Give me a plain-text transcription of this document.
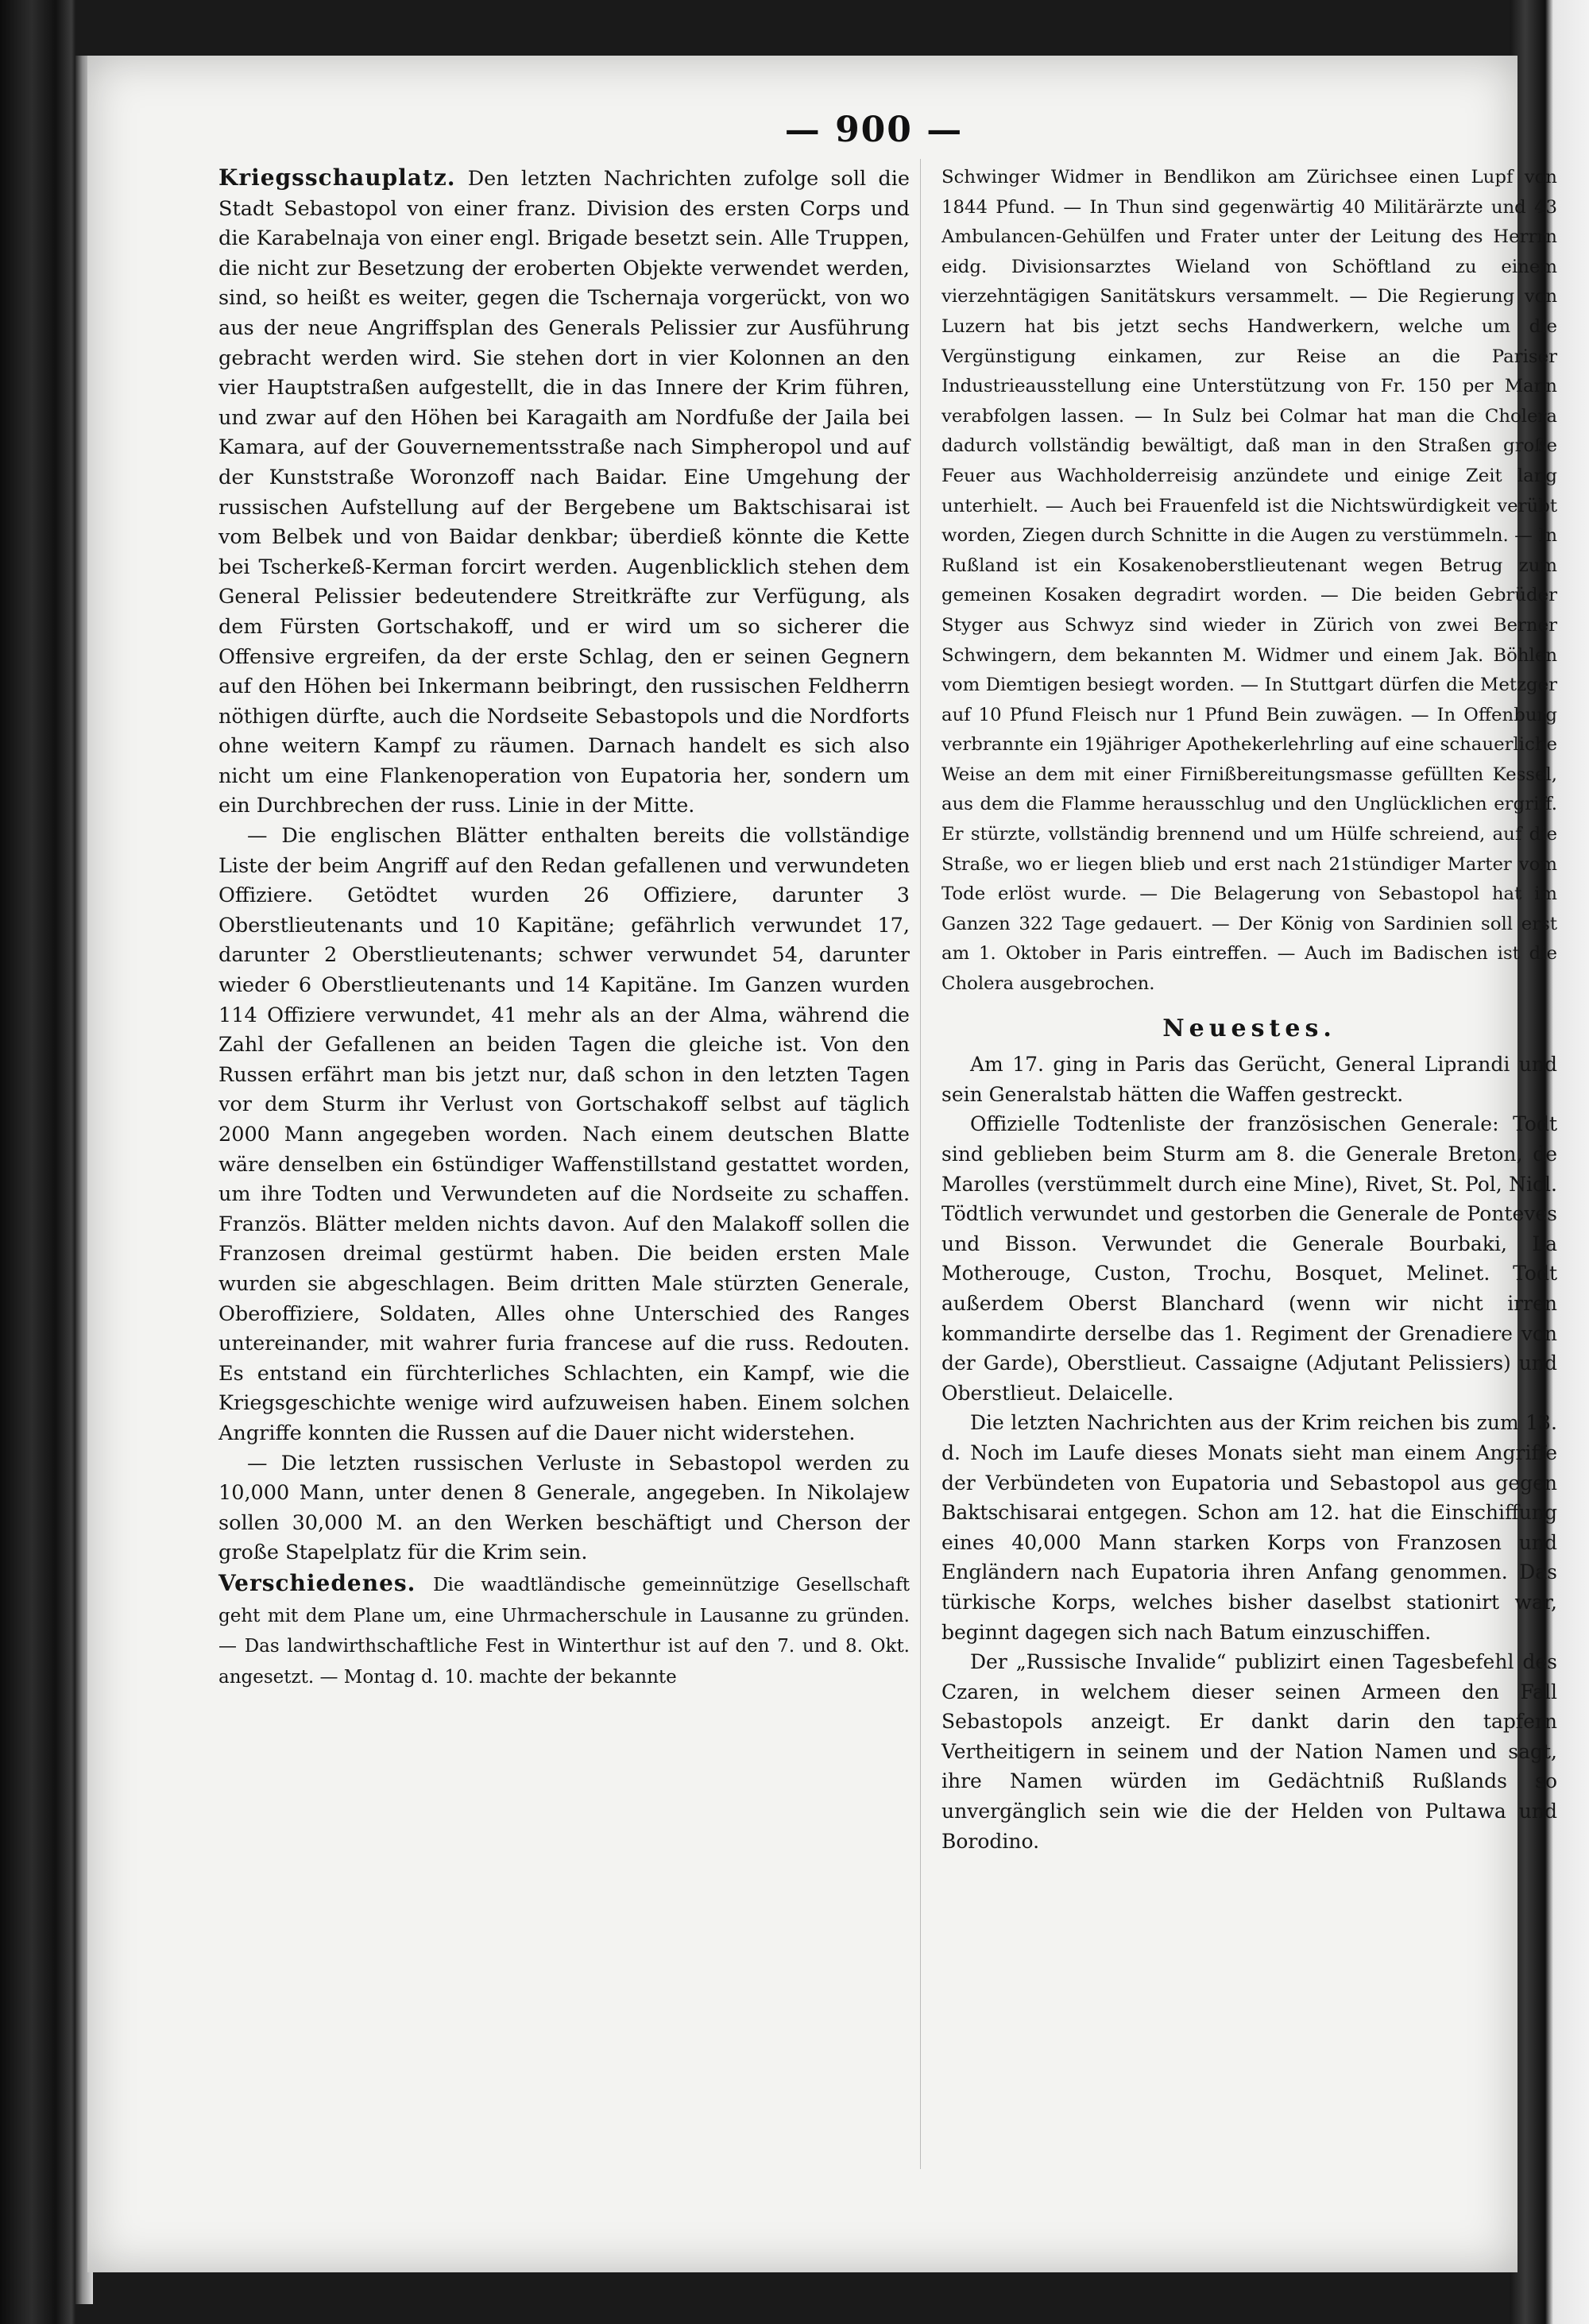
— 900 —

Kriegsschauplatz. Den letzten Nachrichten zufolge soll die Stadt Sebastopol von einer franz. Division des ersten Corps und die Karabelnaja von einer engl. Brigade besetzt sein. Alle Truppen, die nicht zur Besetzung der eroberten Objekte verwendet werden, sind, so heißt es weiter, gegen die Tschernaja vorgerückt, von wo aus der neue Angriffsplan des Generals Pelissier zur Ausführung gebracht werden wird. Sie stehen dort in vier Kolonnen an den vier Hauptstraßen aufgestellt, die in das Innere der Krim führen, und zwar auf den Höhen bei Karagaith am Nordfuße der Jaila bei Kamara, auf der Gouvernementsstraße nach Simpheropol und auf der Kunststraße Woronzoff nach Baidar. Eine Umgehung der russischen Aufstellung auf der Bergebene um Baktschisarai ist vom Belbek und von Baidar denkbar; überdieß könnte die Kette bei Tscherkeß-Kerman forcirt werden. Augenblicklich stehen dem General Pelissier bedeutendere Streitkräfte zur Verfügung, als dem Fürsten Gortschakoff, und er wird um so sicherer die Offensive ergreifen, da der erste Schlag, den er seinen Gegnern auf den Höhen bei Inkermann beibringt, den russischen Feldherrn nöthigen dürfte, auch die Nordseite Sebastopols und die Nordforts ohne weitern Kampf zu räumen. Darnach handelt es sich also nicht um eine Flankenoperation von Eupatoria her, sondern um ein Durchbrechen der russ. Linie in der Mitte.

— Die englischen Blätter enthalten bereits die vollständige Liste der beim Angriff auf den Redan gefallenen und verwundeten Offiziere. Getödtet wurden 26 Offiziere, darunter 3 Oberstlieutenants und 10 Kapitäne; gefährlich verwundet 17, darunter 2 Oberstlieutenants; schwer verwundet 54, darunter wieder 6 Oberstlieutenants und 14 Kapitäne. Im Ganzen wurden 114 Offiziere verwundet, 41 mehr als an der Alma, während die Zahl der Gefallenen an beiden Tagen die gleiche ist. Von den Russen erfährt man bis jetzt nur, daß schon in den letzten Tagen vor dem Sturm ihr Verlust von Gortschakoff selbst auf täglich 2000 Mann angegeben worden. Nach einem deutschen Blatte wäre denselben ein 6stündiger Waffenstillstand gestattet worden, um ihre Todten und Verwundeten auf die Nordseite zu schaffen. Französ. Blätter melden nichts davon. Auf den Malakoff sollen die Franzosen dreimal gestürmt haben. Die beiden ersten Male wurden sie abgeschlagen. Beim dritten Male stürzten Generale, Oberoffiziere, Soldaten, Alles ohne Unterschied des Ranges untereinander, mit wahrer furia francese auf die russ. Redouten. Es entstand ein fürchterliches Schlachten, ein Kampf, wie die Kriegsgeschichte wenige wird aufzuweisen haben. Einem solchen Angriffe konnten die Russen auf die Dauer nicht widerstehen.

— Die letzten russischen Verluste in Sebastopol werden zu 10,000 Mann, unter denen 8 Generale, angegeben. In Nikolajew sollen 30,000 M. an den Werken beschäftigt und Cherson der große Stapelplatz für die Krim sein.

Verschiedenes. Die waadtländische gemeinnützige Gesellschaft geht mit dem Plane um, eine Uhrmacherschule in Lausanne zu gründen. — Das landwirthschaftliche Fest in Winterthur ist auf den 7. und 8. Okt. angesetzt. — Montag d. 10. machte der bekannte

Schwinger Widmer in Bendlikon am Zürichsee einen Lupf von 1844 Pfund. — In Thun sind gegenwärtig 40 Militärärzte und 43 Ambulancen-Gehülfen und Frater unter der Leitung des Herrrn eidg. Divisionsarztes Wieland von Schöftland zu einem vierzehntägigen Sanitätskurs versammelt. — Die Regierung von Luzern hat bis jetzt sechs Handwerkern, welche um die Vergünstigung einkamen, zur Reise an die Pariser Industrieausstellung eine Unterstützung von Fr. 150 per Mann verabfolgen lassen. — In Sulz bei Colmar hat man die Cholera dadurch vollständig bewältigt, daß man in den Straßen große Feuer aus Wachholderreisig anzündete und einige Zeit lang unterhielt. — Auch bei Frauenfeld ist die Nichtswürdigkeit verübt worden, Ziegen durch Schnitte in die Augen zu verstümmeln. — In Rußland ist ein Kosakenoberstlieutenant wegen Betrug zum gemeinen Kosaken degradirt worden. — Die beiden Gebrüder Styger aus Schwyz sind wieder in Zürich von zwei Berner Schwingern, dem bekannten M. Widmer und einem Jak. Böhlen vom Diemtigen besiegt worden. — In Stuttgart dürfen die Metzger auf 10 Pfund Fleisch nur 1 Pfund Bein zuwägen. — In Offenburg verbrannte ein 19jähriger Apothekerlehrling auf eine schauerliche Weise an dem mit einer Firnißbereitungsmasse gefüllten Kessel, aus dem die Flamme herausschlug und den Unglücklichen ergriff. Er stürzte, vollständig brennend und um Hülfe schreiend, auf die Straße, wo er liegen blieb und erst nach 21stündiger Marter vom Tode erlöst wurde. — Die Belagerung von Sebastopol hat im Ganzen 322 Tage gedauert. — Der König von Sardinien soll erst am 1. Oktober in Paris eintreffen. — Auch im Badischen ist die Cholera ausgebrochen.

Neuestes.

Am 17. ging in Paris das Gerücht, General Liprandi und sein Generalstab hätten die Waffen gestreckt.

Offizielle Todtenliste der französischen Generale: Todt sind geblieben beim Sturm am 8. die Generale Breton, de Marolles (verstümmelt durch eine Mine), Rivet, St. Pol, Niol. Tödtlich verwundet und gestorben die Generale de Ponteves und Bisson. Verwundet die Generale Bourbaki, La Motherouge, Custon, Trochu, Bosquet, Melinet. Todt außerdem Oberst Blanchard (wenn wir nicht irren kommandirte derselbe das 1. Regiment der Grenadiere von der Garde), Oberstlieut. Cassaigne (Adjutant Pelissiers) und Oberstlieut. Delaicelle.

Die letzten Nachrichten aus der Krim reichen bis zum 13. d. Noch im Laufe dieses Monats sieht man einem Angriffe der Verbündeten von Eupatoria und Sebastopol aus gegen Baktschisarai entgegen. Schon am 12. hat die Einschiffung eines 40,000 Mann starken Korps von Franzosen und Engländern nach Eupatoria ihren Anfang genommen. Das türkische Korps, welches bisher daselbst stationirt war, beginnt dagegen sich nach Batum einzuschiffen.

Der „Russische Invalide“ publizirt einen Tagesbefehl des Czaren, in welchem dieser seinen Armeen den Fall Sebastopols anzeigt. Er dankt darin den tapfern Vertheitigern in seinem und der Nation Namen und sagt, ihre Namen würden im Gedächtniß Rußlands so unvergänglich sein wie die der Helden von Pultawa und Borodino.
